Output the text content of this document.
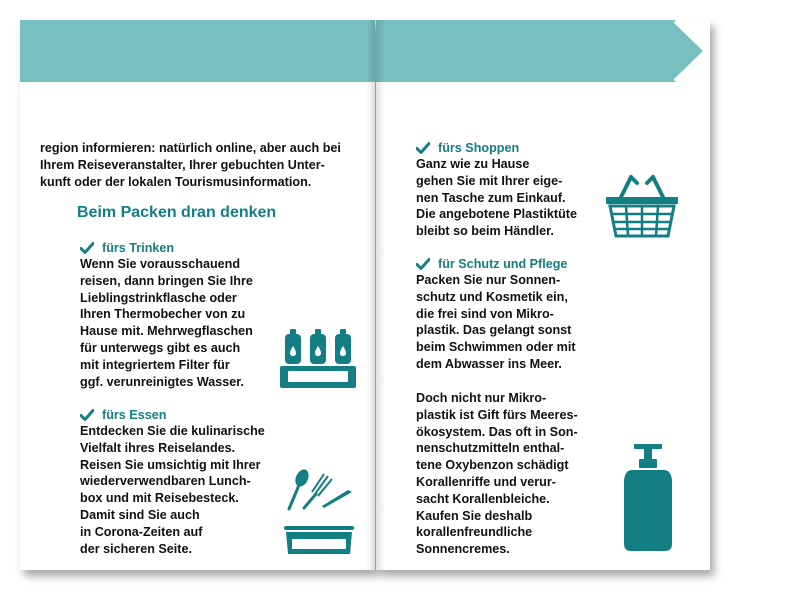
region informieren: natürlich online, aber auch bei

Ihrem Reiseveranstalter, Ihrer gebuchten Unter-

kunft oder der lokalen Tourismusinformation.

Beim Packen dran denken

fürs Trinken

Wenn Sie vorausschauend

reisen, dann bringen Sie Ihre

Lieblingstrinkflasche oder

Ihren Thermobecher von zu

Hause mit. Mehrwegflaschen

für unterwegs gibt es auch

mit integriertem Filter für

ggf. verunreinigtes Wasser.

fürs Essen

Entdecken Sie die kulinarische

Vielfalt ihres Reiselandes.

Reisen Sie umsichtig mit Ihrer

wiederverwendbaren Lunch-

box und mit Reisebesteck.

Damit sind Sie auch

in Corona-Zeiten auf

der sicheren Seite.

fürs Shoppen

Ganz wie zu Hause

gehen Sie mit Ihrer eige-

nen Tasche zum Einkauf.

Die angebotene Plastiktüte

bleibt so beim Händler.

für Schutz und Pflege

Packen Sie nur Sonnen-

schutz und Kosmetik ein,

die frei sind von Mikro-

plastik. Das gelangt sonst

beim Schwimmen oder mit

dem Abwasser ins Meer.

Doch nicht nur Mikro-

plastik ist Gift fürs Meeres-

ökosystem. Das oft in Son-

nenschutzmitteln enthal-

tene Oxybenzon schädigt

Korallenriffe und verur-

sacht Korallenbleiche.

Kaufen Sie deshalb

korallenfreundliche

Sonnencremes.
